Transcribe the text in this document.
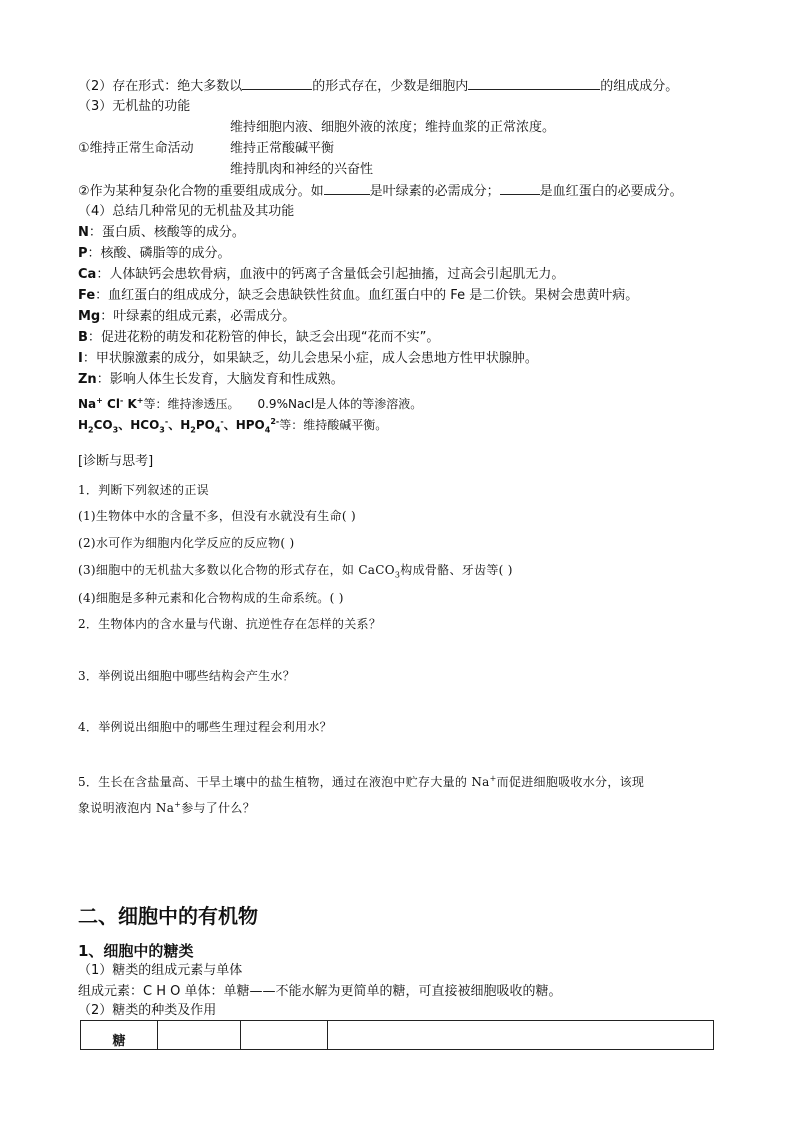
（2）存在形式：绝大多数以	的形式存在，少数是细胞内	的组成成分。
（3）无机盐的功能
维持细胞内液、细胞外液的浓度；维持血浆的正常浓度。
①维持正常生命活动	维持正常酸碱平衡
维持肌肉和神经的兴奋性
②作为某种复杂化合物的重要组成成分。如	是叶绿素的必需成分；	是血红蛋白的必要成分。
（4）总结几种常见的无机盐及其功能
N：蛋白质、核酸等的成分。
P：核酸、磷脂等的成分。
Ca：人体缺钙会患软骨病，血液中的钙离子含量低会引起抽搐，过高会引起肌无力。
Fe：血红蛋白的组成成分，缺乏会患缺铁性贫血。血红蛋白中的 Fe 是二价铁。果树会患黄叶病。
Mg：叶绿素的组成元素，必需成分。
B：促进花粉的萌发和花粉管的伸长，缺乏会出现“花而不实”。
I：甲状腺激素的成分，如果缺乏，幼儿会患呆小症，成人会患地方性甲状腺肿。
Zn：影响人体生长发育，大脑发育和性成熟。
Na+ Cl- K+等：维持渗透压。 0.9%Nacl是人体的等渗溶液。
$H_2CO_3$、$HCO_3^-$、$H_2PO_4^-$、$HPO_4^{2-}$等：维持酸碱平衡。
[诊断与思考]
1．判断下列叙述的正误
(1)生物体中水的含量不多，但没有水就没有生命( )
(2)水可作为细胞内化学反应的反应物( )
(3)细胞中的无机盐大多数以化合物的形式存在，如 CaCO$_3$构成骨骼、牙齿等( )
(4)细胞是多种元素和化合物构成的生命系统。( )
2．生物体内的含水量与代谢、抗逆性存在怎样的关系？
3．举例说出细胞中哪些结构会产生水？
4．举例说出细胞中的哪些生理过程会利用水？
5．生长在含盐量高、干旱土壤中的盐生植物，通过在液泡中贮存大量的 Na+而促进细胞吸收水分，该现
象说明液泡内 Na+参与了什么？
二、细胞中的有机物
1、细胞中的糖类
（1）糖类的组成元素与单体
组成元素：C H O 单体：单糖——不能水解为更简单的糖，可直接被细胞吸收的糖。
（2）糖类的种类及作用
糖
